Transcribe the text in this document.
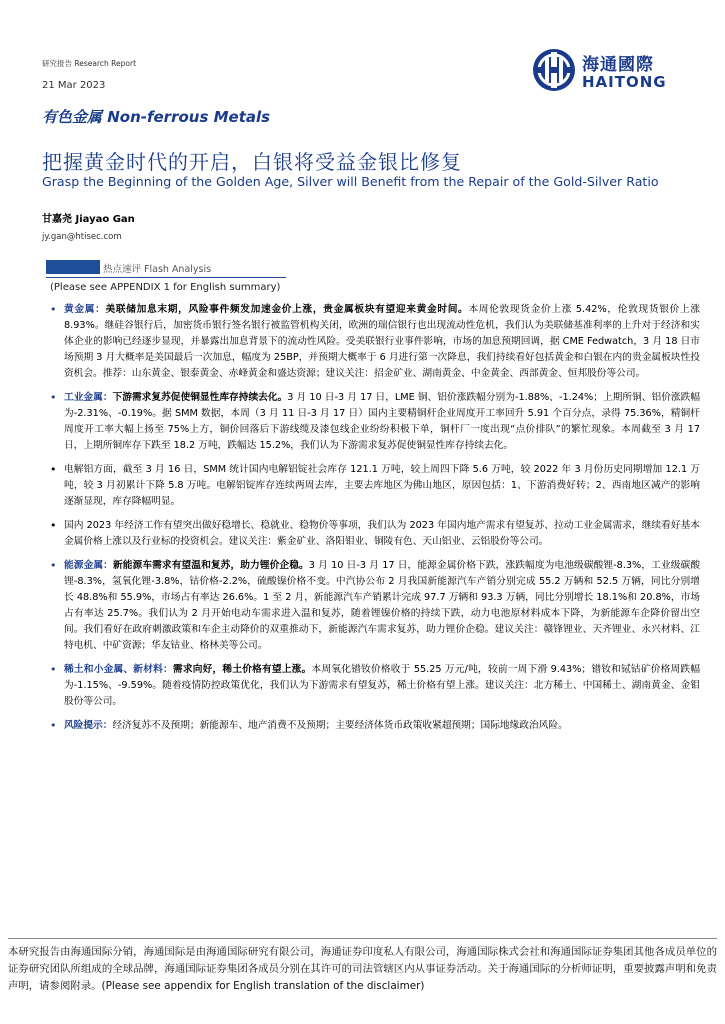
研究报告 Research Report
21 Mar 2023
海通國際
HAITONG
有色金属 Non-ferrous Metals
把握黄金时代的开启，白银将受益金银比修复
Grasp the Beginning of the Golden Age, Silver will Benefit from the Repair of the Gold-Silver Ratio
甘嘉尧 Jiayao Gan
jy.gan@htisec.com
热点速评 Flash Analysis
(Please see APPENDIX 1 for English summary)
• 黄金属：美联储加息末期，风险事件频发加速金价上涨，贵金属板块有望迎来黄金时间。本周伦敦现货金价上涨 5.42%，伦敦现货银价上涨 8.93%。继硅谷银行后，加密货币银行签名银行被监管机构关闭，欧洲的瑞信银行也出现流动性危机，我们认为美联储基准利率的上升对于经济和实体企业的影响已经逐步显现，并暴露出加息背景下的流动性风险。受美联银行业事件影响，市场的加息预期回调，据 CME Fedwatch，3 月 18 日市场预期 3 月大概率是美国最后一次加息，幅度为 25BP，并预期大概率于 6 月进行第一次降息，我们持续看好包括黄金和白银在内的贵金属板块性投资机会。推荐：山东黄金、银泰黄金、赤峰黄金和盛达资源；建议关注：招金矿业、湖南黄金、中金黄金、西部黄金、恒邦股份等公司。
• 工业金属：下游需求复苏促使铜显性库存持续去化。3 月 10 日-3 月 17 日，LME 铜、铝价涨跌幅分别为-1.88%、-1.24%；上期所铜、铝价涨跌幅为-2.31%、-0.19%。据 SMM 数据，本周（3 月 11 日-3 月 17 日）国内主要精铜杆企业周度开工率回升 5.91 个百分点，录得 75.36%，精铜杆周度开工率大幅上扬至 75%上方，铜价回落后下游线缆及漆包线企业纷纷积极下单，铜杆厂一度出现“点价排队”的繁忙现象。本周截至 3 月 17 日，上期所铜库存下跌至 18.2 万吨，跌幅达 15.2%，我们认为下游需求复苏促使铜显性库存持续去化。
• 电解铝方面，截至 3 月 16 日，SMM 统计国内电解铝锭社会库存 121.1 万吨，较上周四下降 5.6 万吨，较 2022 年 3 月份历史同期增加 12.1 万吨，较 3 月初累计下降 5.8 万吨。电解铝锭库存连续两周去库，主要去库地区为佛山地区，原因包括：1、下游消费好转；2、西南地区减产的影响逐渐显现，库存降幅明显。
• 国内 2023 年经济工作有望突出做好稳增长、稳就业、稳物价等事项，我们认为 2023 年国内地产需求有望复苏、拉动工业金属需求，继续看好基本金属价格上涨以及行业标的投资机会。建议关注：紫金矿业、洛阳钼业、铜陵有色、天山铝业、云铝股份等公司。
• 能源金属：新能源车需求有望温和复苏，助力锂价企稳。3 月 10 日-3 月 17 日，能源金属价格下跌，涨跌幅度为电池级碳酸锂-8.3%，工业级碳酸锂-8.3%，氢氧化锂-3.8%，钴价格-2.2%，硫酸镍价格不变。中汽协公布 2 月我国新能源汽车产销分别完成 55.2 万辆和 52.5 万辆，同比分别增长 48.8%和 55.9%，市场占有率达 26.6%。1 至 2 月，新能源汽车产销累计完成 97.7 万辆和 93.3 万辆，同比分别增长 18.1%和 20.8%，市场占有率达 25.7%。我们认为 2 月开始电动车需求进入温和复苏，随着锂镍价格的持续下跌，动力电池原材料成本下降，为新能源车企降价留出空间。我们看好在政府刺激政策和车企主动降价的双重推动下，新能源汽车需求复苏，助力锂价企稳。建议关注：赣锋锂业、天齐锂业、永兴材料、江特电机、中矿资源；华友钴业、格林美等公司。
• 稀土和小金属、新材料：需求向好，稀土价格有望上涨。本周氧化镨钕价格收于 55.25 万元/吨，较前一周下滑 9.43%；镨钕和铽钴矿价格周跌幅为-1.15%、-9.59%。随着疫情防控政策优化，我们认为下游需求有望复苏，稀土价格有望上涨。建议关注：北方稀土、中国稀土、湖南黄金、金钼股份等公司。
• 风险提示：经济复苏不及预期；新能源车、地产消费不及预期；主要经济体货币政策收紧超预期；国际地缘政治风险。
本研究报告由海通国际分销，海通国际是由海通国际研究有限公司，海通证券印度私人有限公司，海通国际株式会社和海通国际证券集团其他各成员单位的证券研究团队所组成的全球品牌，海通国际证券集团各成员分别在其许可的司法管辖区内从事证券活动。关于海通国际的分析师证明，重要披露声明和免责声明，请参阅附录。(Please see appendix for English translation of the disclaimer)
